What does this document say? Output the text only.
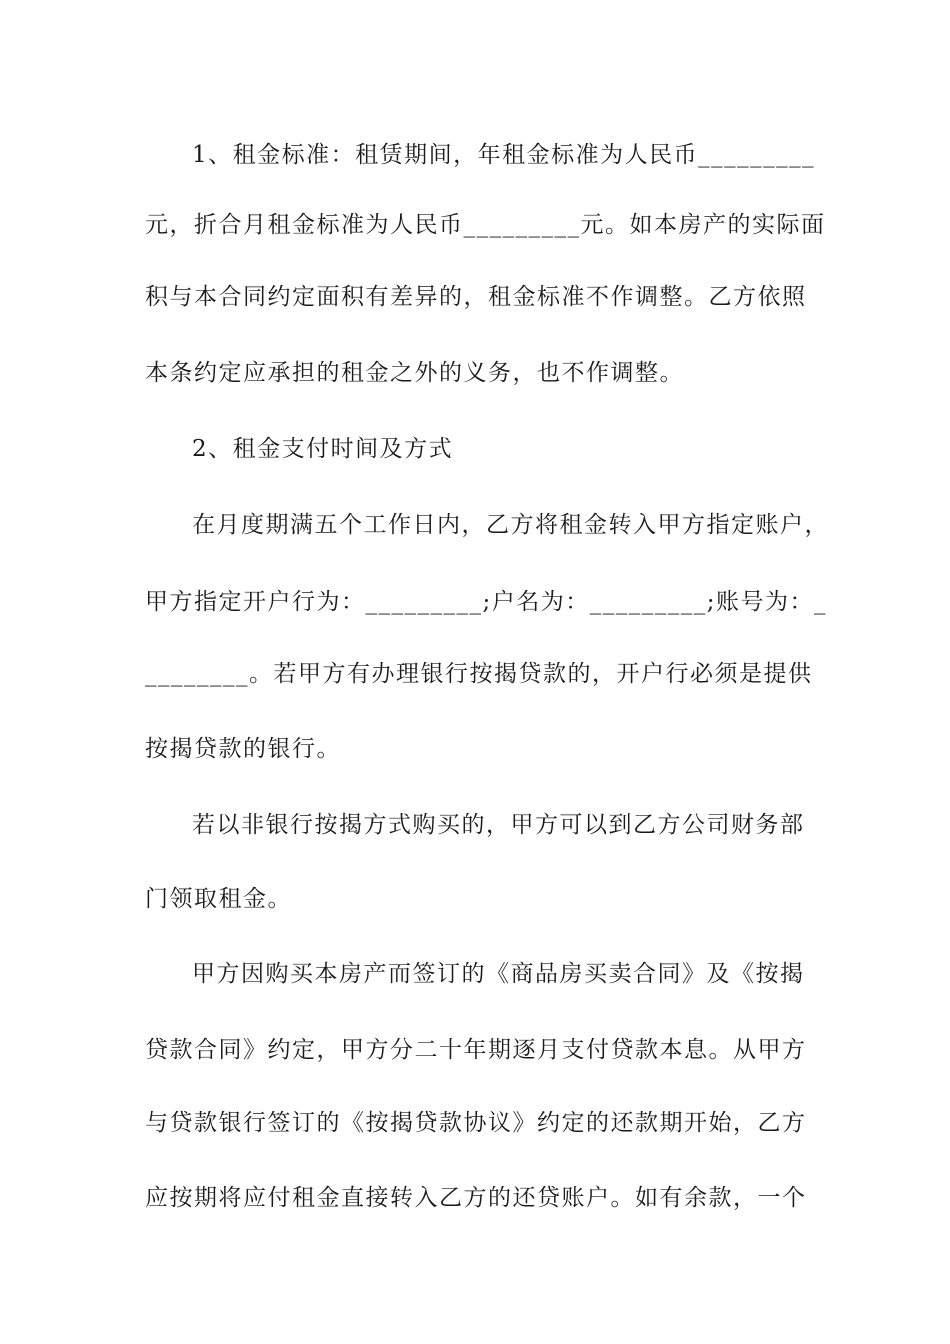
1、租金标准：租赁期间，年租金标准为人民币_________
元，折合月租金标准为人民币_________元。如本房产的实际面
积与本合同约定面积有差异的，租金标准不作调整。乙方依照
本条约定应承担的租金之外的义务，也不作调整。
2、租金支付时间及方式
在月度期满五个工作日内，乙方将租金转入甲方指定账户，
甲方指定开户行为：_________;户名为：_________;账号为：_
________。若甲方有办理银行按揭贷款的，开户行必须是提供
按揭贷款的银行。
若以非银行按揭方式购买的，甲方可以到乙方公司财务部
门领取租金。
甲方因购买本房产而签订的《商品房买卖合同》及《按揭
贷款合同》约定，甲方分二十年期逐月支付贷款本息。从甲方
与贷款银行签订的《按揭贷款协议》约定的还款期开始，乙方
应按期将应付租金直接转入乙方的还贷账户。如有余款，一个
